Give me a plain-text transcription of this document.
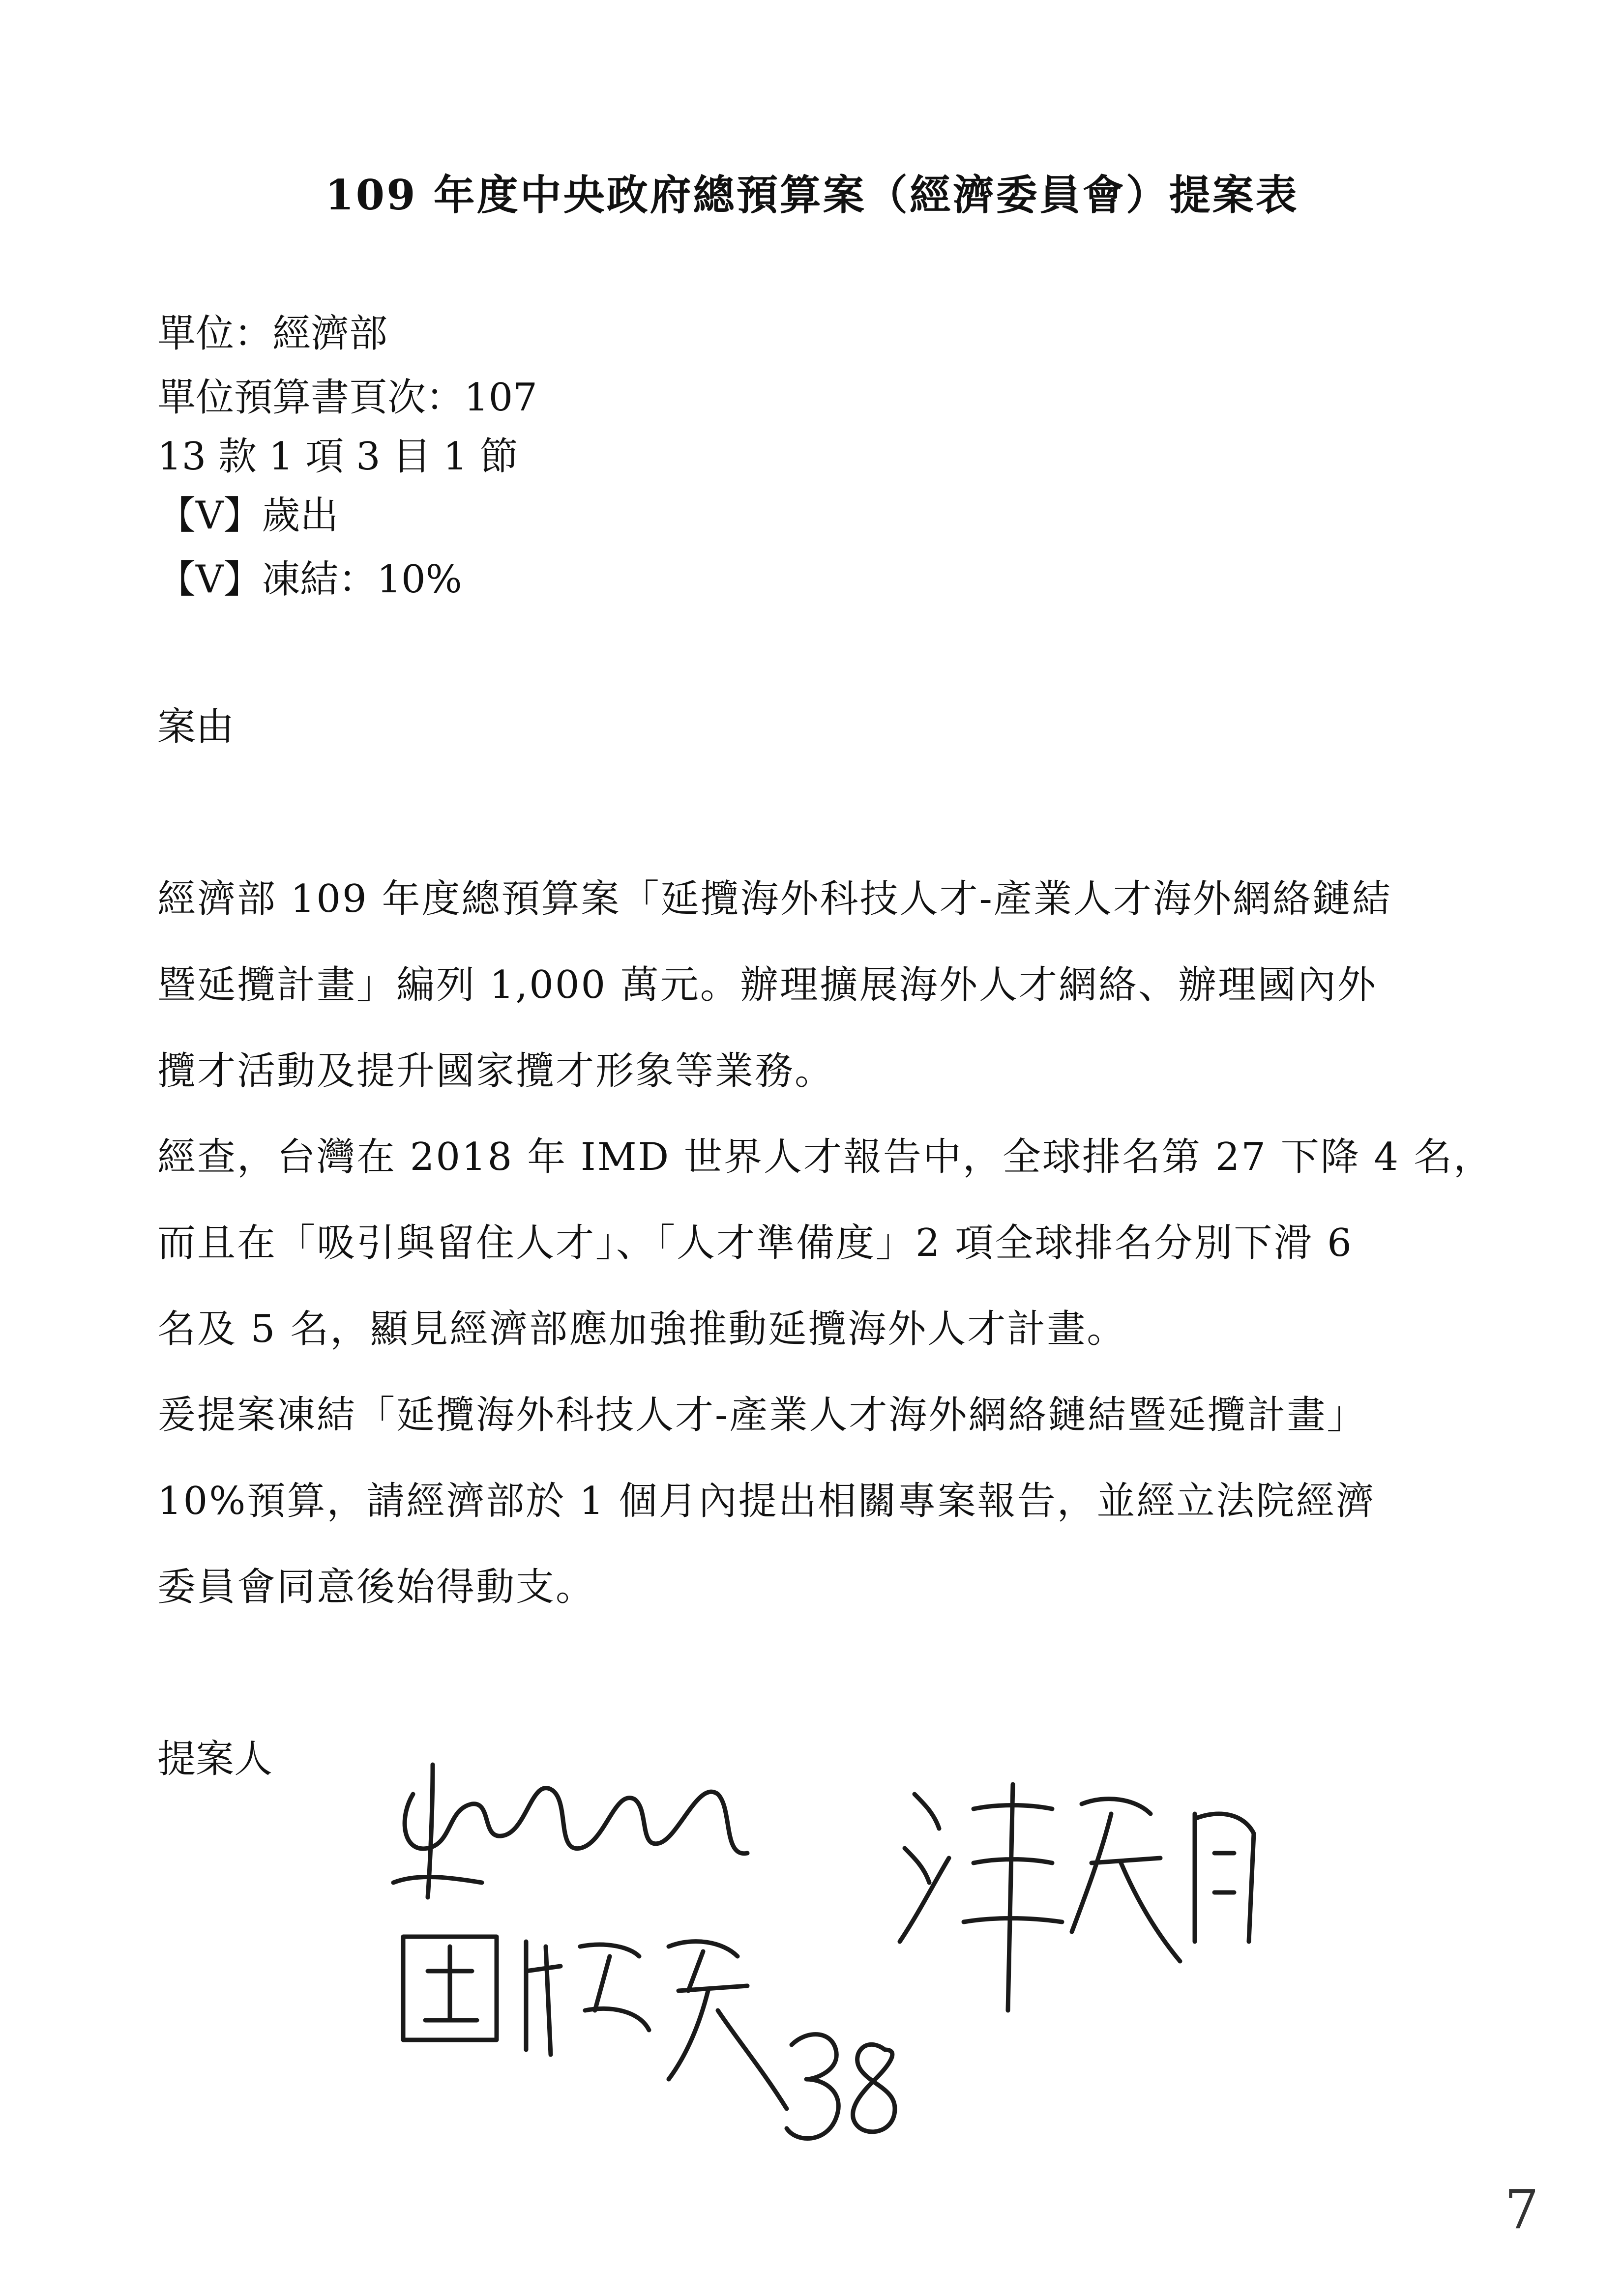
109 年度中央政府總預算案（經濟委員會）提案表
單位：經濟部
單位預算書頁次：107
13 款 1 項 3 目 1 節
【V】歲出
【V】凍結：10%
案由
經濟部 109 年度總預算案「延攬海外科技人才-產業人才海外網絡鏈結
暨延攬計畫」編列 1,000 萬元。辦理擴展海外人才網絡、辦理國內外
攬才活動及提升國家攬才形象等業務。
經查，台灣在 2018 年 IMD 世界人才報告中，全球排名第 27 下降 4 名，
而且在「吸引與留住人才」、「人才準備度」2 項全球排名分別下滑 6
名及 5 名，顯見經濟部應加強推動延攬海外人才計畫。
爰提案凍結「延攬海外科技人才-產業人才海外網絡鏈結暨延攬計畫」
10%預算，請經濟部於 1 個月內提出相關專案報告，並經立法院經濟
委員會同意後始得動支。
提案人
7
